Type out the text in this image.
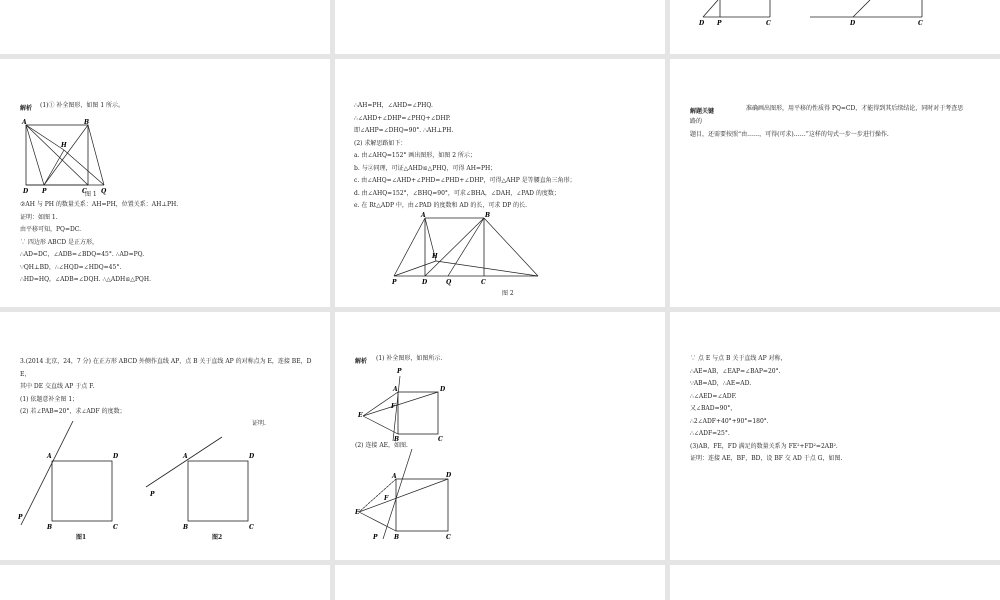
D P	C	D	C
解析 (1)① 补全图形，如图 1 所示。
A	B
H
D P	C Q
图 1
②AH 与 PH 的数量关系：AH=PH，位置关系：AH⊥PH.
证明：如图 1.
由平移可知，PQ=DC.
∵ 四边形 ABCD 是正方形，
∴AD=DC，∠ADB=∠BDQ=45°. ∴AD=PQ.
∵QH⊥BD，∴∠HQD=∠HDQ=45°.
∴HD=HQ，∠ADB=∠DQH. ∴△ADH≌△PQH.
∴AH=PH，∠AHD=∠PHQ.
∴∠AHD+∠DHP=∠PHQ+∠DHP.
即∠AHP=∠DHQ=90°. ∴AH⊥PH.
(2) 求解思路如下：
a. 由∠AHQ=152° 画出图形，如图 2 所示；
b. 与②同理，可证△AHD≌△PHQ，可得 AH=PH；
c. 由∠AHQ=∠AHD+∠PHD=∠PHD+∠DHP，可得△AHP 是等腰直角三角形；
d. 由∠AHQ=152°，∠BHQ=90°，可求∠BHA，∠DAH，∠PAD 的度数；
e. 在 Rt△ADP 中，由∠PAD 的度数和 AD 的长，可求 DP 的长.
A	B
H
P	D	Q	C
图 2
解题关键	准确画出图形，用平移的性质得 PQ=CD，才能得到其后续结论，同时对于考查思
路的
题目，还需要按照“由……，可得(可求)……”这样的句式一步一步进行操作.
3.(2014 北京，24，7 分) 在正方形 ABCD 外侧作直线 AP，点 B 关于直线 AP 的对称点为 E，连接 BE，D
E，
其中 DE 交直线 AP 于点 F.
(1) 依题意补全图 1；
(2) 若∠PAB=20°，求∠ADF 的度数；
证明.
A	D
P
B	C
图1
A	D
P
B	C
图2
解析 (1) 补全图形，如图所示.
P
A	D
E
F
B	C
(2) 连接 AE，如图.
P
A	D
F
E
B	C
∵ 点 E 与点 B 关于直线 AP 对称，
∴AE=AB，∠EAP=∠BAP=20°.
∵AB=AD，∴AE=AD.
∴∠AED=∠ADF.
又∠BAD=90°，
∴2∠ADF+40°+90°=180°.
∴∠ADF=25°.
(3)AB，FE，FD 满足的数量关系为 FE²+FD²=2AB².
证明：连接 AE，BF，BD，设 BF 交 AD 于点 G，如图.
